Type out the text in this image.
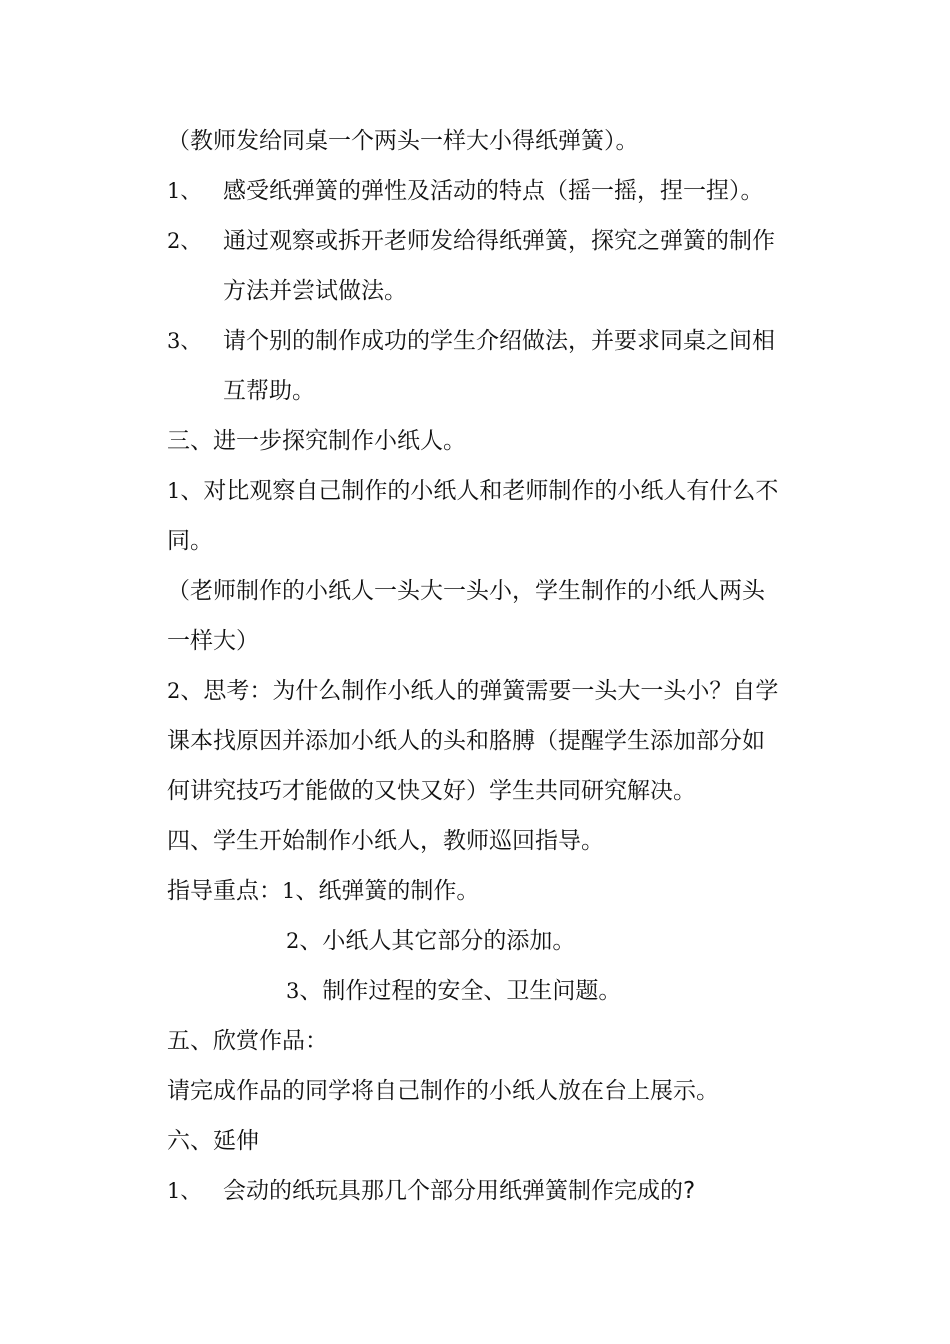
（教师发给同桌一个两头一样大小得纸弹簧）。
1、 感受纸弹簧的弹性及活动的特点（摇一摇，捏一捏）。
2、 通过观察或拆开老师发给得纸弹簧，探究之弹簧的制作
方法并尝试做法。
3、 请个别的制作成功的学生介绍做法，并要求同桌之间相
互帮助。
三、进一步探究制作小纸人。
1、对比观察自己制作的小纸人和老师制作的小纸人有什么不
同。
（老师制作的小纸人一头大一头小，学生制作的小纸人两头
一样大）
2、思考：为什么制作小纸人的弹簧需要一头大一头小？自学
课本找原因并添加小纸人的头和胳膊（提醒学生添加部分如
何讲究技巧才能做的又快又好）学生共同研究解决。
四、学生开始制作小纸人，教师巡回指导。
指导重点：1、纸弹簧的制作。
2、小纸人其它部分的添加。
3、制作过程的安全、卫生问题。
五、欣赏作品：
请完成作品的同学将自己制作的小纸人放在台上展示。
六、延伸
1、 会动的纸玩具那几个部分用纸弹簧制作完成的?
